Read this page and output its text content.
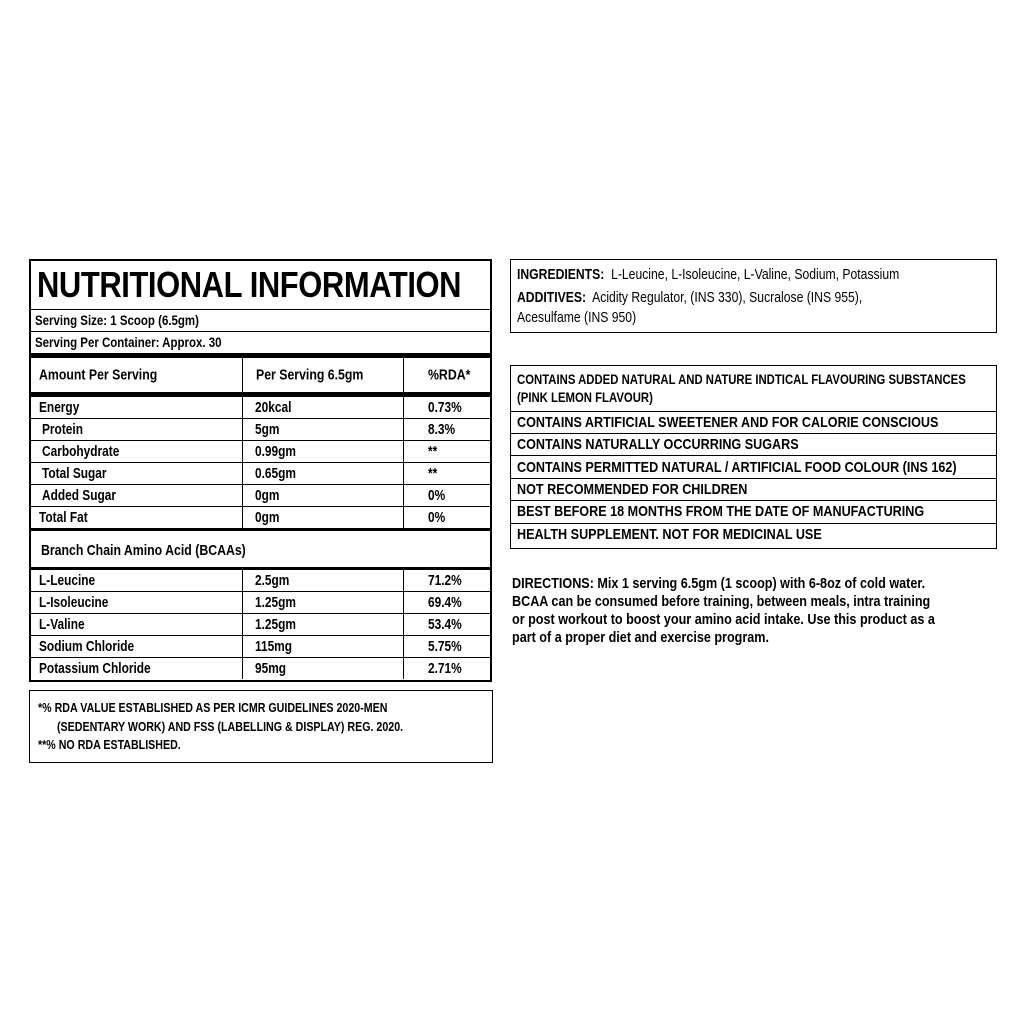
NUTRITIONAL INFORMATION
Serving Size: 1 Scoop (6.5gm)
Serving Per Container: Approx. 30
Amount Per Serving	Per Serving 6.5gm	%RDA*
Energy	20kcal	0.73%
Protein	5gm	8.3%
Carbohydrate	0.99gm	**
Total Sugar	0.65gm	**
Added Sugar	0gm	0%
Total Fat	0gm	0%
Branch Chain Amino Acid (BCAAs)
L-Leucine	2.5gm	71.2%
L-Isoleucine	1.25gm	69.4%
L-Valine	1.25gm	53.4%
Sodium Chloride	115mg	5.75%
Potassium Chloride	95mg	2.71%
*% RDA VALUE ESTABLISHED AS PER ICMR GUIDELINES 2020-MEN
(SEDENTARY WORK) AND FSS (LABELLING & DISPLAY) REG. 2020.
**% NO RDA ESTABLISHED.
INGREDIENTS: L-Leucine, L-Isoleucine, L-Valine, Sodium, Potassium
ADDITIVES: Acidity Regulator, (INS 330), Sucralose (INS 955),
Acesulfame (INS 950)
CONTAINS ADDED NATURAL AND NATURE INDTICAL FLAVOURING SUBSTANCES
(PINK LEMON FLAVOUR)
CONTAINS ARTIFICIAL SWEETENER AND FOR CALORIE CONSCIOUS
CONTAINS NATURALLY OCCURRING SUGARS
CONTAINS PERMITTED NATURAL / ARTIFICIAL FOOD COLOUR (INS 162)
NOT RECOMMENDED FOR CHILDREN
BEST BEFORE 18 MONTHS FROM THE DATE OF MANUFACTURING
HEALTH SUPPLEMENT. NOT FOR MEDICINAL USE
DIRECTIONS: Mix 1 serving 6.5gm (1 scoop) with 6-8oz of cold water.
BCAA can be consumed before training, between meals, intra training
or post workout to boost your amino acid intake. Use this product as a
part of a proper diet and exercise program.
